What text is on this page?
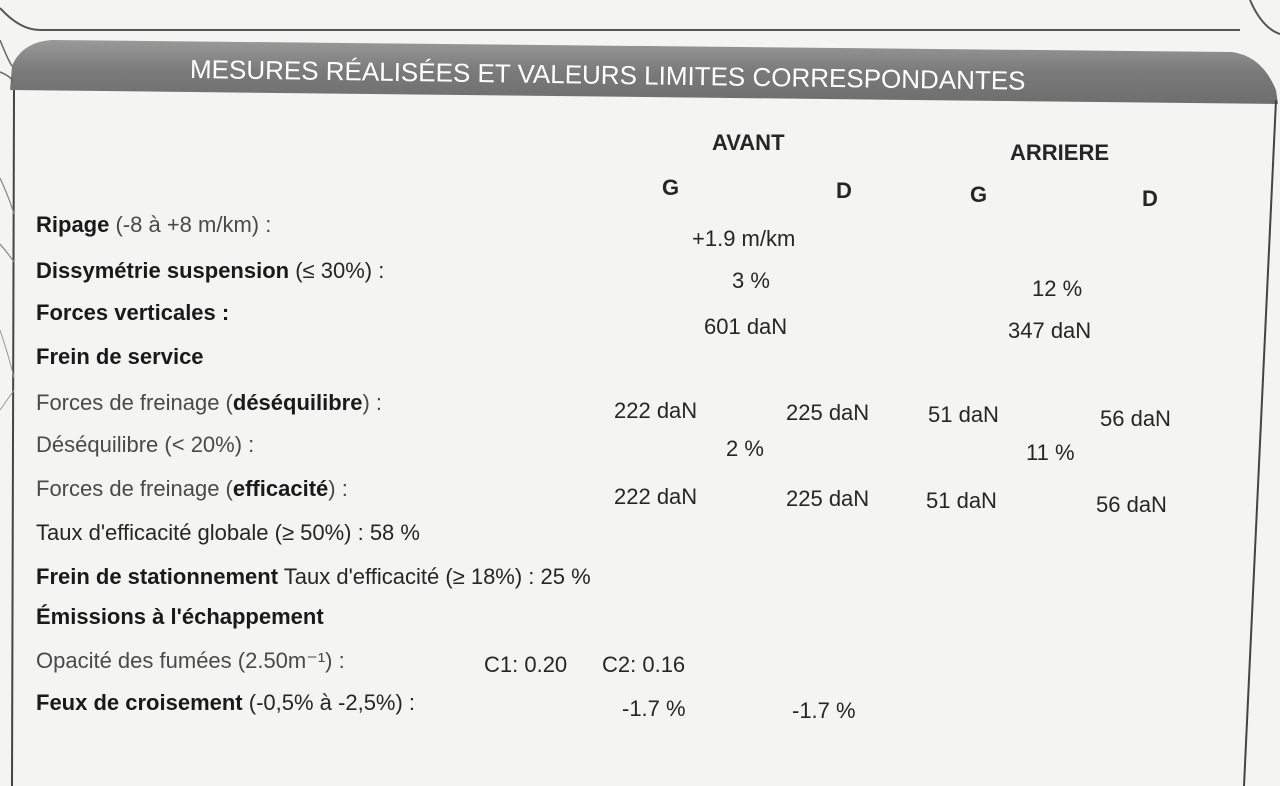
MESURES RÉALISÉES ET VALEURS LIMITES CORRESPONDANTES
AVANT	ARRIERE
G	D	G	D
Ripage (-8 à +8 m/km) :
+1.9 m/km
Dissymétrie suspension (≤ 30%) :	3 %	12 %
Forces verticales :
601 daN	347 daN
Frein de service
Forces de freinage (déséquilibre) :	222 daN	225 daN	51 daN	56 daN
Déséquilibre (< 20%) :	2 %	11 %
Forces de freinage (efficacité) :	222 daN	225 daN	51 daN	56 daN
Taux d'efficacité globale (≥ 50%) : 58 %
Frein de stationnement Taux d'efficacité (≥ 18%) : 25 %
Émissions à l'échappement
Opacité des fumées (2.50m⁻¹) :	C1: 0.20 C2: 0.16
Feux de croisement (-0,5% à -2,5%) :	-1.7 %	-1.7 %
